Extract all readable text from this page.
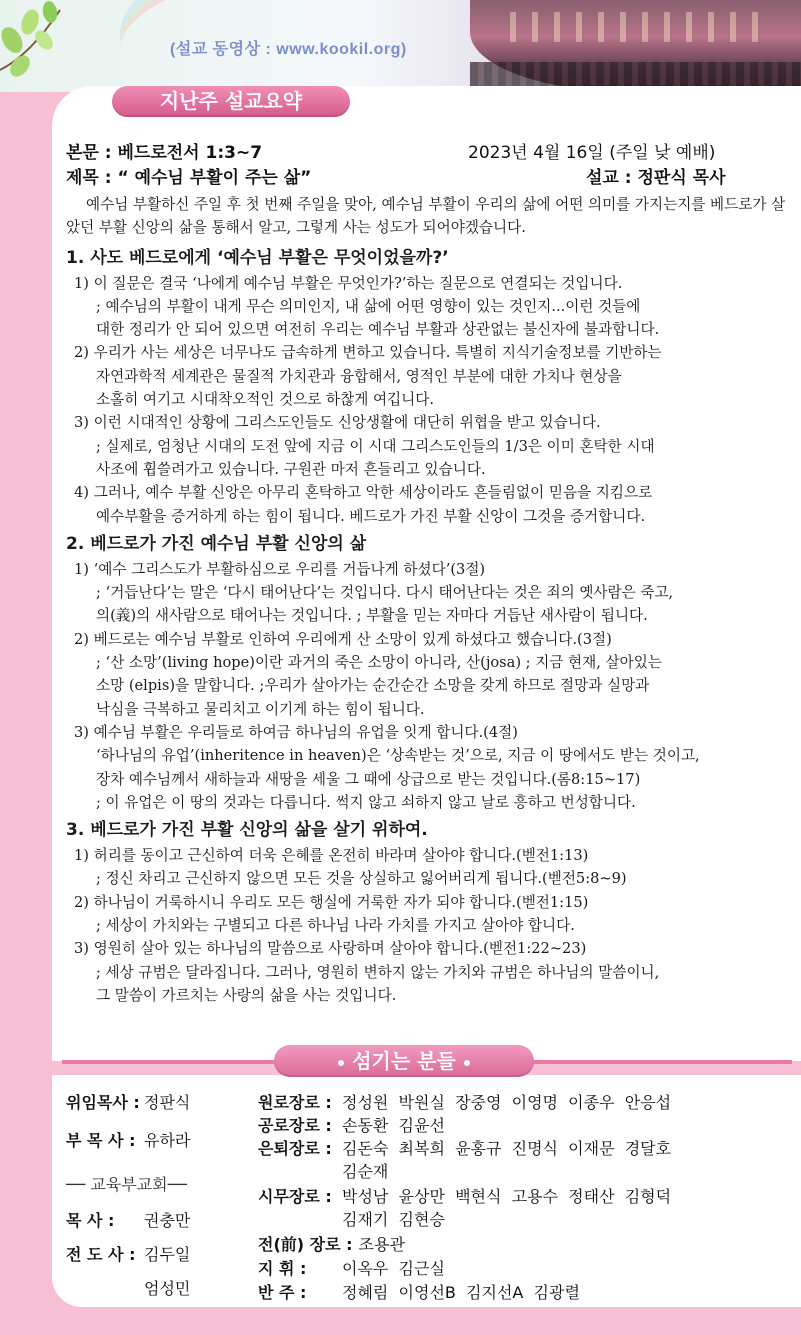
(설교 동영상 : www.kookil.org)
지난주 설교요약
본문 : 베드로전서 1:3~7	2023년 4월 16일 (주일 낮 예배)
제목 : “ 예수님 부활이 주는 삶”	설교 : 정판식 목사

예수님 부활하신 주일 후 첫 번째 주일을 맞아, 예수님 부활이 우리의 삶에 어떤 의미를 가지는지를 베드로가 살았던 부활 신앙의 삶을 통해서 알고, 그렇게 사는 성도가 되어야겠습니다.

1. 사도 베드로에게 ‘예수님 부활은 무엇이었을까?’

1) 이 질문은 결국 ‘나에게 예수님 부활은 무엇인가?’하는 질문으로 연결되는 것입니다.

; 예수님의 부활이 내게 무슨 의미인지, 내 삶에 어떤 영향이 있는 것인지...이런 것들에

대한 정리가 안 되어 있으면 여전히 우리는 예수님 부활과 상관없는 불신자에 불과합니다.

2) 우리가 사는 세상은 너무나도 급속하게 변하고 있습니다. 특별히 지식기술정보를 기반하는

자연과학적 세계관은 물질적 가치관과 융합해서, 영적인 부분에 대한 가치나 현상을

소홀히 여기고 시대착오적인 것으로 하찮게 여깁니다.

3) 이런 시대적인 상황에 그리스도인들도 신앙생활에 대단히 위협을 받고 있습니다.

; 실제로, 엄청난 시대의 도전 앞에 지금 이 시대 그리스도인들의 1/3은 이미 혼탁한 시대

사조에 휩쓸려가고 있습니다. 구원관 마저 흔들리고 있습니다.

4) 그러나, 예수 부활 신앙은 아무리 혼탁하고 악한 세상이라도 흔들림없이 믿음을 지킴으로

예수부활을 증거하게 하는 힘이 됩니다. 베드로가 가진 부활 신앙이 그것을 증거합니다.

2. 베드로가 가진 예수님 부활 신앙의 삶

1) ‘예수 그리스도가 부활하심으로 우리를 거듭나게 하셨다’(3절)

; ‘거듭난다’는 말은 ‘다시 태어난다’는 것입니다. 다시 태어난다는 것은 죄의 옛사람은 죽고,

의(義)의 새사람으로 태어나는 것입니다. ; 부활을 믿는 자마다 거듭난 새사람이 됩니다.

2) 베드로는 예수님 부활로 인하여 우리에게 산 소망이 있게 하셨다고 했습니다.(3절)

; ‘산 소망’(living hope)이란 과거의 죽은 소망이 아니라, 산(josa) ; 지금 현재, 살아있는

소망 (elpis)을 말합니다. ;우리가 살아가는 순간순간 소망을 갖게 하므로 절망과 실망과

낙심을 극복하고 물리치고 이기게 하는 힘이 됩니다.

3) 예수님 부활은 우리들로 하여금 하나님의 유업을 잇게 합니다.(4절)

‘하나님의 유업’(inheritence in heaven)은 ‘상속받는 것’으로, 지금 이 땅에서도 받는 것이고,

장차 예수님께서 새하늘과 새땅을 세울 그 때에 상급으로 받는 것입니다.(롬8:15~17)

; 이 유업은 이 땅의 것과는 다릅니다. 썩지 않고 쇠하지 않고 날로 흥하고 번성합니다.

3. 베드로가 가진 부활 신앙의 삶을 살기 위하여.

1) 허리를 동이고 근신하여 더욱 은혜를 온전히 바라며 살아야 합니다.(벧전1:13)

; 정신 차리고 근신하지 않으면 모든 것을 상실하고 잃어버리게 됩니다.(벧전5:8~9)

2) 하나님이 거룩하시니 우리도 모든 행실에 거룩한 자가 되야 합니다.(벧전1:15)

; 세상이 가치와는 구별되고 다른 하나님 나라 가치를 가지고 살아야 합니다.

3) 영원히 살아 있는 하나님의 말씀으로 사랑하며 살아야 합니다.(벧전1:22~23)

; 세상 규범은 달라집니다. 그러나, 영원히 변하지 않는 가치와 규범은 하나님의 말씀이니,

그 말씀이 가르치는 사랑의 삶을 사는 것입니다.

섬기는 분들
위임목사 : 정판식
부 목 사 : 유하라
── 교육부교회──
목 사 : 권충만
전 도 사 : 김두일
엄성민
원로장로 : 정성원  박원실  장중영  이영명  이종우  안응섭
공로장로 : 손동환  김윤선
은퇴장로 : 김돈숙  최복희  윤홍규  진명식  이재문  경달호
김순재
시무장로 : 박성남  윤상만  백현식  고용수  정태산  김형덕
김재기  김현승
전(前) 장로 : 조용관
지 휘 : 이옥우  김근실
반 주 : 정혜림  이영선B  김지선A  김광렬
